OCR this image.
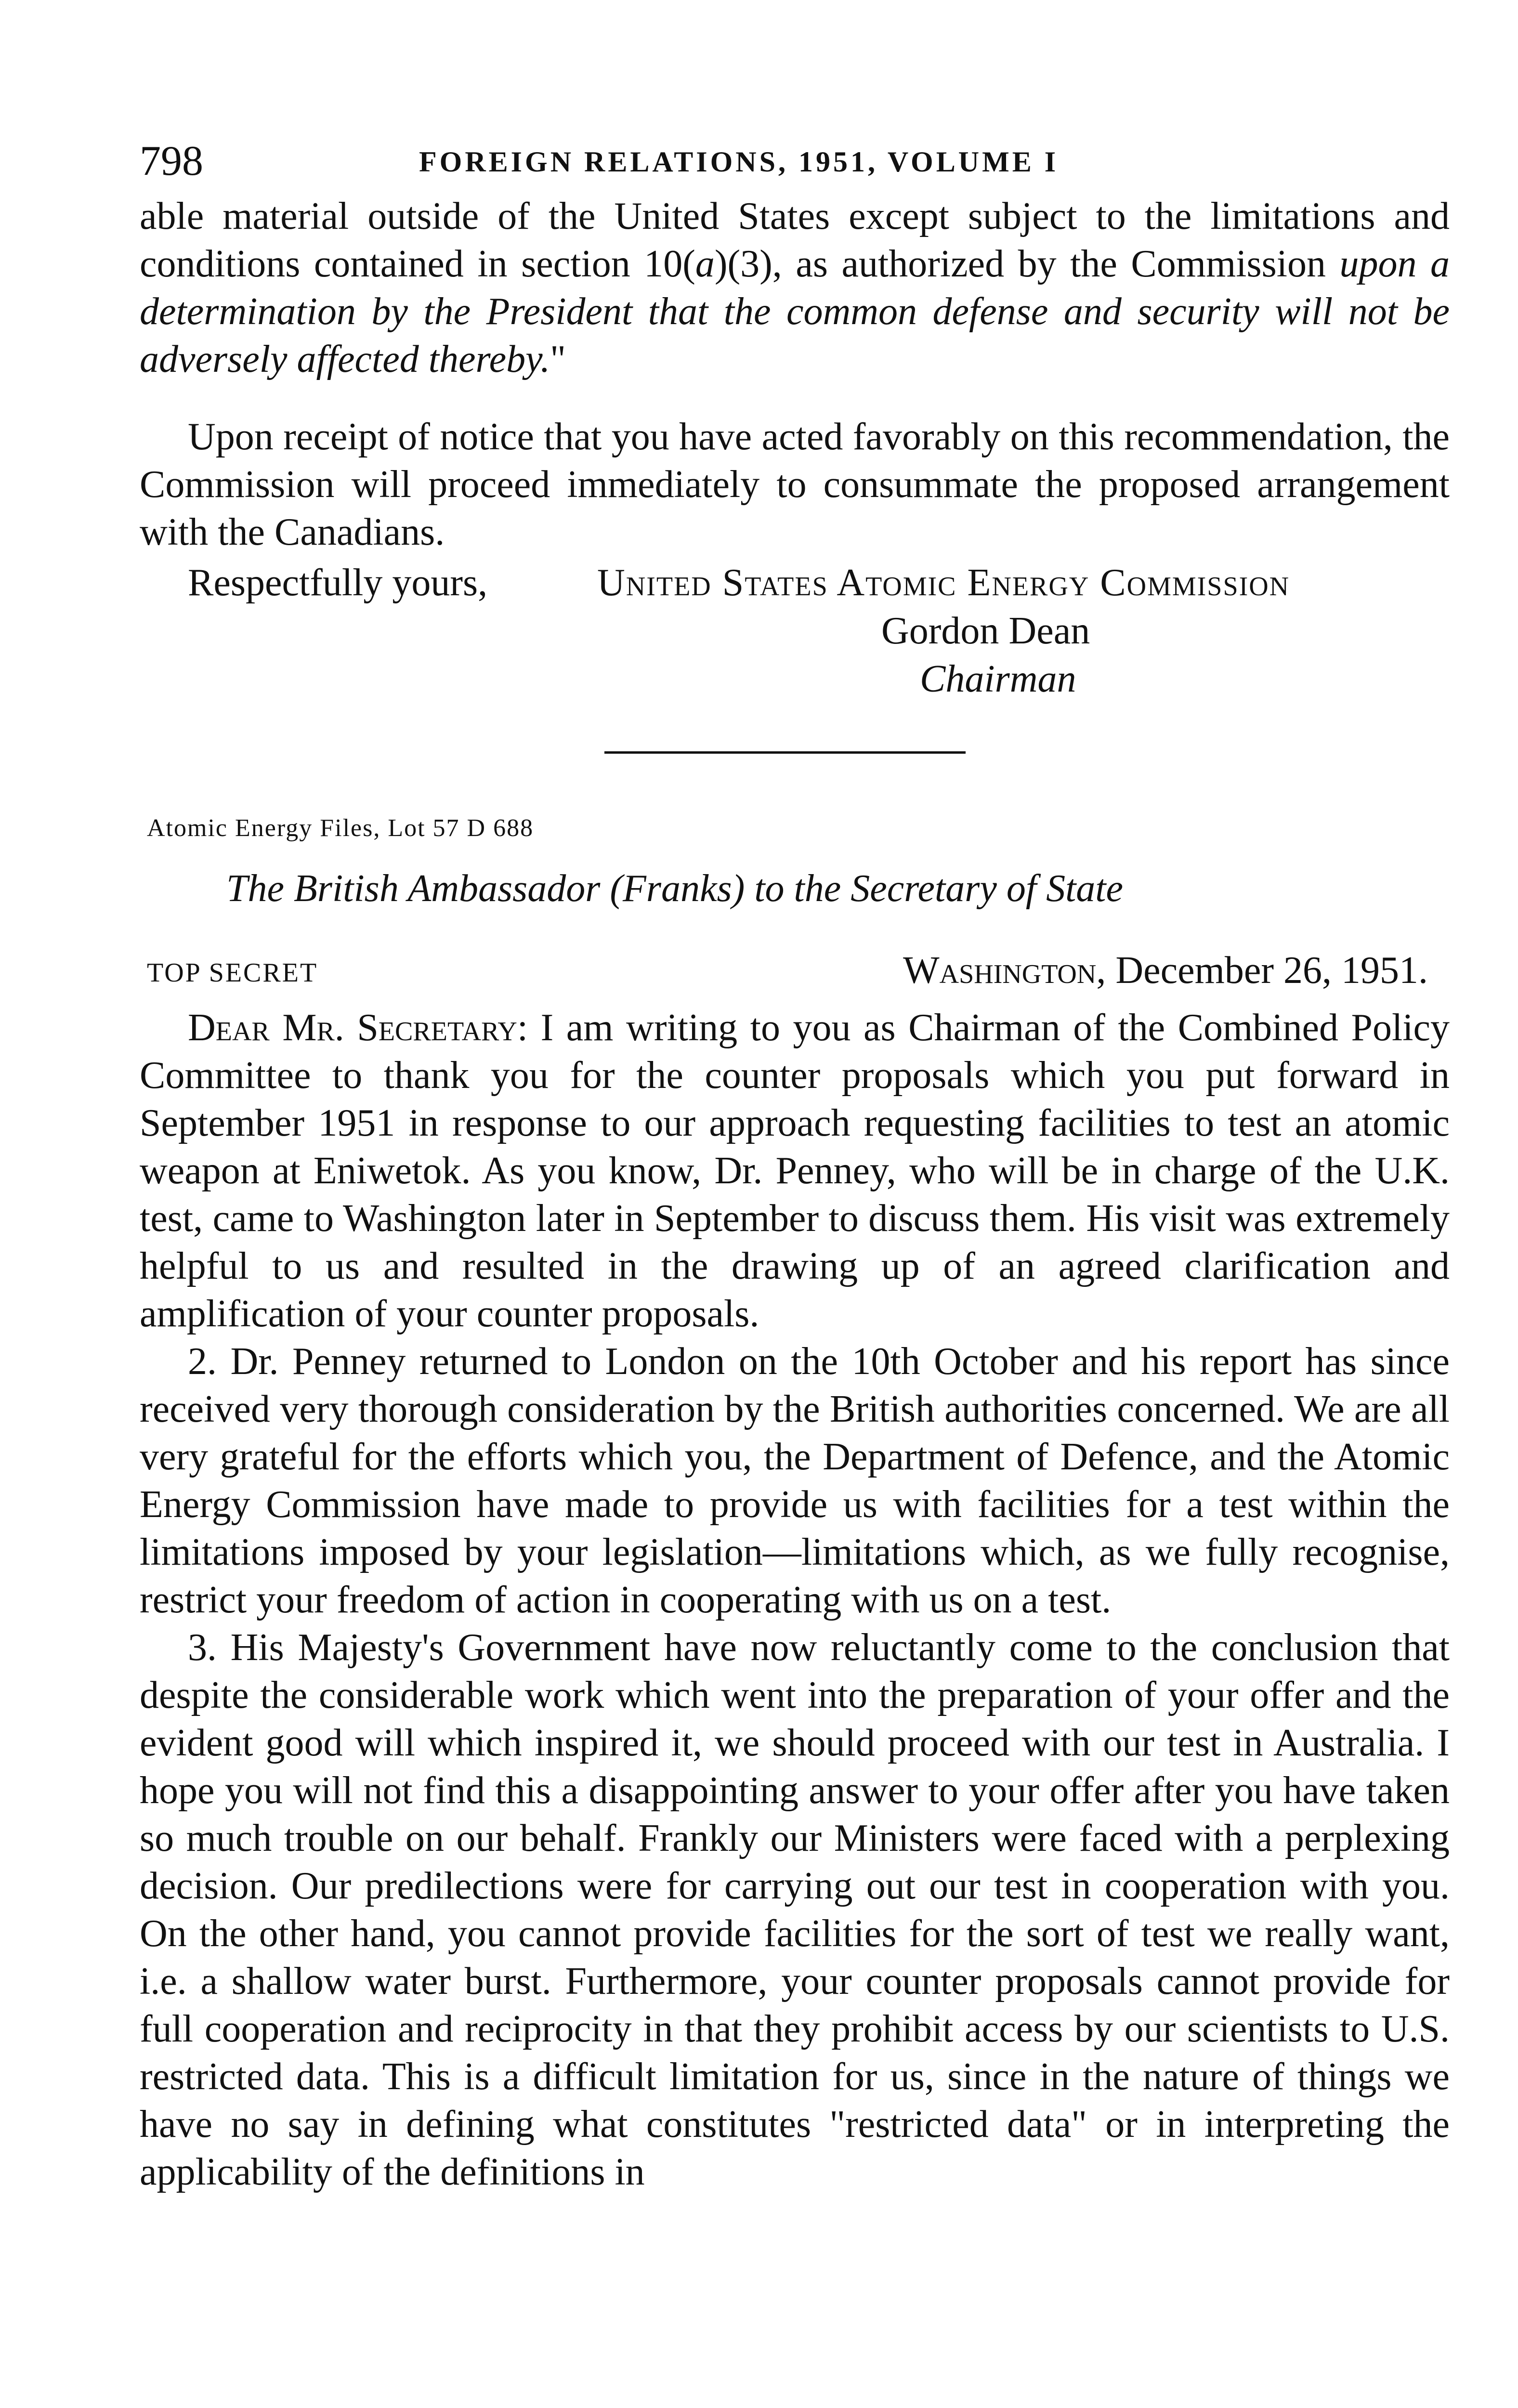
798	FOREIGN RELATIONS, 1951, VOLUME I

able material outside of the United States except subject to the limitations and conditions contained in section 10(a)(3), as authorized by the Commission upon a determination by the President that the common defense and security will not be adversely affected thereby."

Upon receipt of notice that you have acted favorably on this recommendation, the Commission will proceed immediately to consummate the proposed arrangement with the Canadians.

Respectfully yours,	United States Atomic Energy Commission
Gordon Dean
Chairman
Atomic Energy Files, Lot 57 D 688
The British Ambassador (Franks) to the Secretary of State
TOP SECRET	Washington, December 26, 1951.

Dear Mr. Secretary: I am writing to you as Chairman of the Combined Policy Committee to thank you for the counter proposals which you put forward in September 1951 in response to our approach requesting facilities to test an atomic weapon at Eniwetok. As you know, Dr. Penney, who will be in charge of the U.K. test, came to Washington later in September to discuss them. His visit was extremely helpful to us and resulted in the drawing up of an agreed clarification and amplification of your counter proposals.

2. Dr. Penney returned to London on the 10th October and his report has since received very thorough consideration by the British authorities concerned. We are all very grateful for the efforts which you, the Department of Defence, and the Atomic Energy Commission have made to provide us with facilities for a test within the limitations imposed by your legislation—limitations which, as we fully recognise, restrict your freedom of action in cooperating with us on a test.

3. His Majesty's Government have now reluctantly come to the conclusion that despite the considerable work which went into the preparation of your offer and the evident good will which inspired it, we should proceed with our test in Australia. I hope you will not find this a disappointing answer to your offer after you have taken so much trouble on our behalf. Frankly our Ministers were faced with a perplexing decision. Our predilections were for carrying out our test in cooperation with you. On the other hand, you cannot provide facilities for the sort of test we really want, i.e. a shallow water burst. Furthermore, your counter proposals cannot provide for full cooperation and reciprocity in that they prohibit access by our scientists to U.S. restricted data. This is a difficult limitation for us, since in the nature of things we have no say in defining what constitutes "restricted data" or in interpreting the applicability of the definitions in
